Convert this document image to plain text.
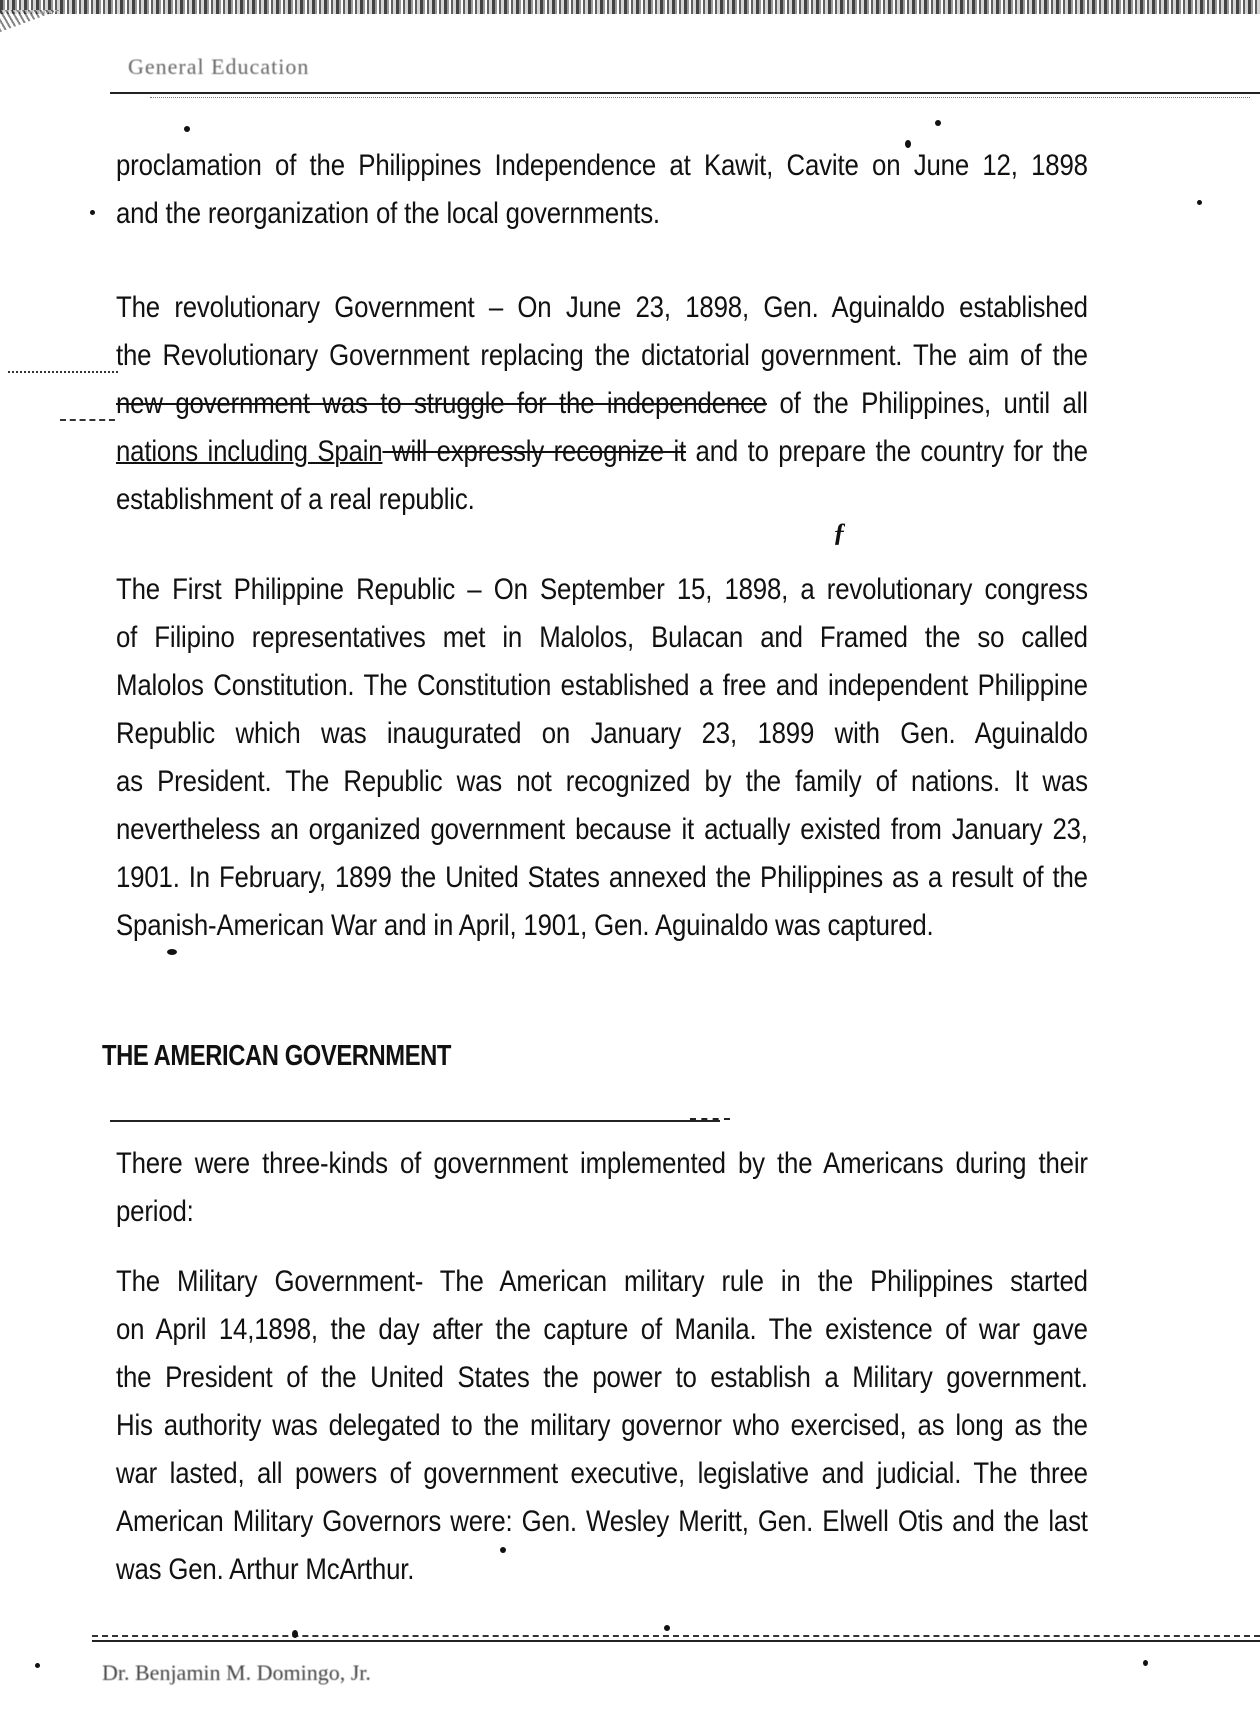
General Education
proclamation of the Philippines Independence at Kawit, Cavite on June 12, 1898
and the reorganization of the local governments.
The revolutionary Government – On June 23, 1898, Gen. Aguinaldo established
the Revolutionary Government replacing the dictatorial government. The aim of the
new government was to struggle for the independence of the Philippines, until all
nations including Spain will expressly recognize it and to prepare the country for the
establishment of a real republic.
ƒ
The First Philippine Republic – On September 15, 1898, a revolutionary congress
of Filipino representatives met in Malolos, Bulacan and Framed the so called
Malolos Constitution. The Constitution established a free and independent Philippine
Republic which was inaugurated on January 23, 1899 with Gen. Aguinaldo
as President. The Republic was not recognized by the family of nations. It was
nevertheless an organized government because it actually existed from January 23,
1901. In February, 1899 the United States annexed the Philippines as a result of the
Spanish-American War and in April, 1901, Gen. Aguinaldo was captured.
THE AMERICAN GOVERNMENT
There were three-kinds of government implemented by the Americans during their
period:
The Military Government- The American military rule in the Philippines started
on April 14,1898, the day after the capture of Manila. The existence of war gave
the President of the United States the power to establish a Military government.
His authority was delegated to the military governor who exercised, as long as the
war lasted, all powers of government executive, legislative and judicial. The three
American Military Governors were: Gen. Wesley Meritt, Gen. Elwell Otis and the last
was Gen. Arthur McArthur.
Dr. Benjamin M. Domingo, Jr.
